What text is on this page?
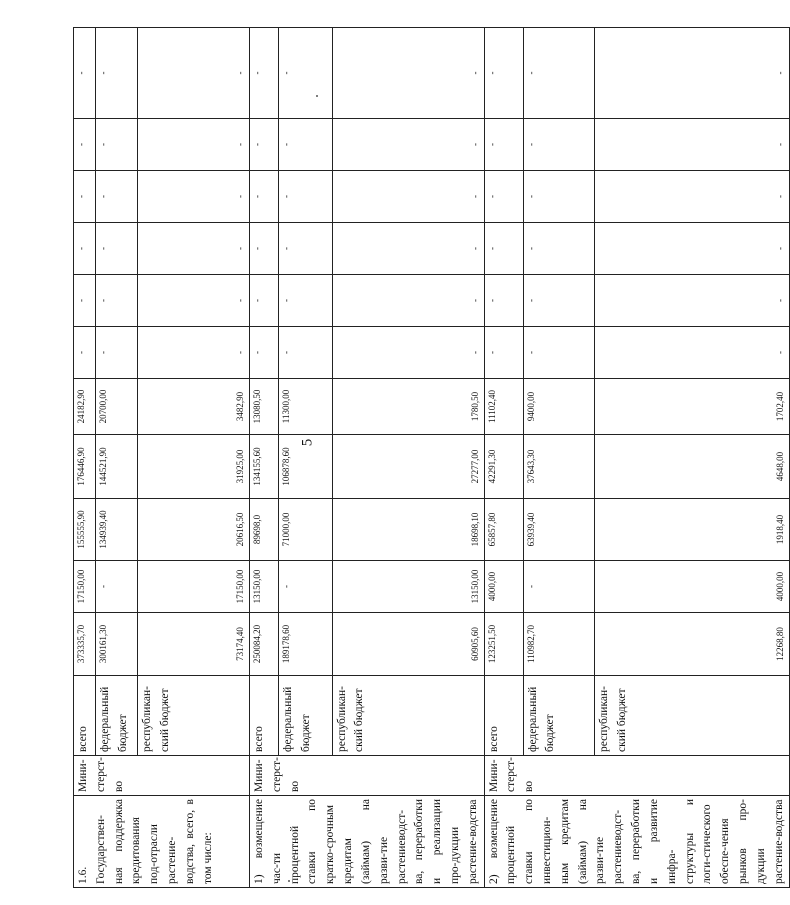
5
1.6. Государствен-ная поддержка кредитования под-отрасли растение-водства, всего, в том числе:	Мини-стерст-во	всего	373335,70	17150,00	155555,90	176446,90	24182,90	-	-	-	-	-	-
		федеральный бюджет	300161,30	-	134939,40	144521,90	20700,00	-	-	-	-	-	-
		республикан-ский бюджет	73174,40	17150,00	20616,50	31925,00	3482,90	-	-	-	-	-	-
1) возмещение час-ти процентной ставки по кратко-срочным кредитам (займам) на разви-тие растениеводст-ва, переработки и реализации про-дукции растение-водства	Мини-стерст-во	всего	250084,20	13150,00	89698,0	134155,60	13080,50	-	-	-	-	-	-
		федеральный бюджет	189178,60	-	71000,00	106878,60	11300,00	-	-	-	-	-	-
		республикан-ский бюджет	60905,60	13150,00	18698,10	27277,00	1780,50	-	-	-	-	-	-
2) возмещение процентной ставки по инвестицион-ным кредитам (займам) на разви-тие растениеводст-ва, переработки и развитие инфра-структуры и логи-стического обеспе-чения рынков про-дукции растение-водства	Мини-стерст-во	всего	123251,50	4000,00	65857,80	42291,30	11102,40	-	-	-	-	-	-
		федеральный бюджет	110982,70	-	63939,40	37643,30	9400,00	-	-	-	-	-	-
		республикан-ский бюджет	12268,80	4000,00	1918,40	4648,00	1702,40	-	-	-	-	-	-
